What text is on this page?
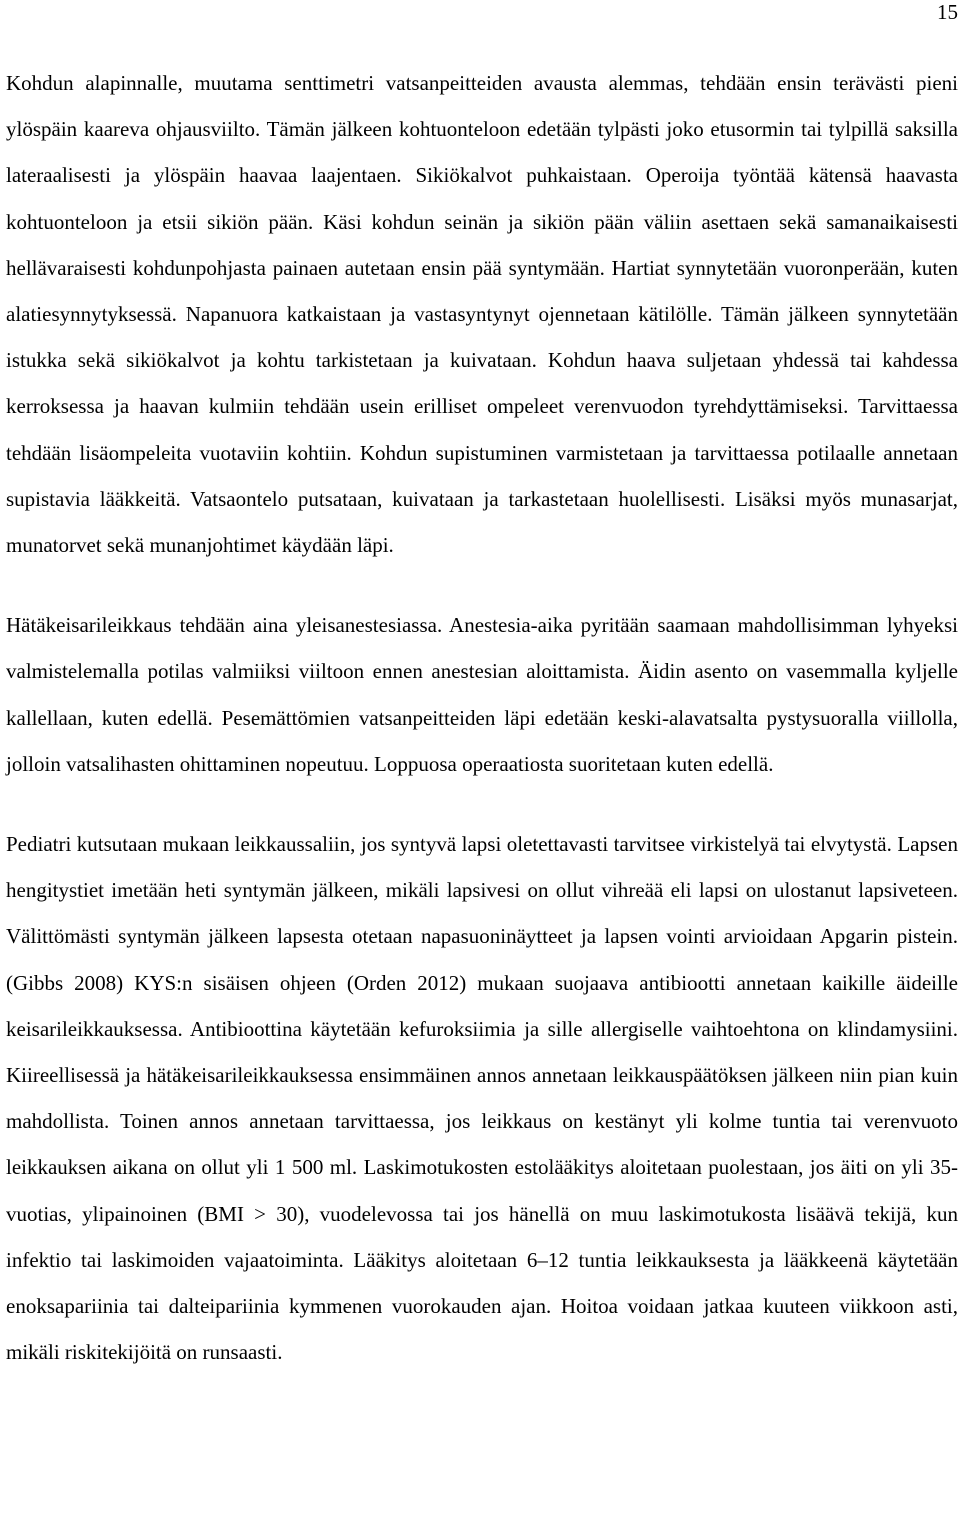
15

Kohdun alapinnalle, muutama senttimetri vatsanpeitteiden avausta alemmas, tehdään ensin terävästi pieni ylöspäin kaareva ohjausviilto. Tämän jälkeen kohtuonteloon edetään tylpästi joko etusormin tai tylpillä saksilla lateraalisesti ja ylöspäin haavaa laajentaen. Sikiökalvot puhkaistaan. Operoija työntää kätensä haavasta kohtuonteloon ja etsii sikiön pään. Käsi kohdun seinän ja sikiön pään väliin asettaen sekä samanaikaisesti hellävaraisesti kohdunpohjasta painaen autetaan ensin pää syntymään. Hartiat synnytetään vuoronperään, kuten alatiesynnytyksessä. Napanuora katkaistaan ja vastasyntynyt ojennetaan kätilölle. Tämän jälkeen synnytetään istukka sekä sikiökalvot ja kohtu tarkistetaan ja kuivataan. Kohdun haava suljetaan yhdessä tai kahdessa kerroksessa ja haavan kulmiin tehdään usein erilliset ompeleet verenvuodon tyrehdyttämiseksi. Tarvittaessa tehdään lisäompeleita vuotaviin kohtiin. Kohdun supistuminen varmistetaan ja tarvittaessa potilaalle annetaan supistavia lääkkeitä. Vatsaontelo putsataan, kuivataan ja tarkastetaan huolellisesti. Lisäksi myös munasarjat, munatorvet sekä munanjohtimet käydään läpi.

Hätäkeisarileikkaus tehdään aina yleisanestesiassa. Anestesia-aika pyritään saamaan mahdollisimman lyhyeksi valmistelemalla potilas valmiiksi viiltoon ennen anestesian aloittamista. Äidin asento on vasemmalla kyljelle kallellaan, kuten edellä. Pesemättömien vatsanpeitteiden läpi edetään keski-alavatsalta pystysuoralla viillolla, jolloin vatsalihasten ohittaminen nopeutuu. Loppuosa operaatiosta suoritetaan kuten edellä.

Pediatri kutsutaan mukaan leikkaussaliin, jos syntyvä lapsi oletettavasti tarvitsee virkistelyä tai elvytystä. Lapsen hengitystiet imetään heti syntymän jälkeen, mikäli lapsivesi on ollut vihreää eli lapsi on ulostanut lapsiveteen. Välittömästi syntymän jälkeen lapsesta otetaan napasuoninäytteet ja lapsen vointi arvioidaan Apgarin pistein. (Gibbs 2008) KYS:n sisäisen ohjeen (Orden 2012) mukaan suojaava antibiootti annetaan kaikille äideille keisarileikkauksessa. Antibioottina käytetään kefuroksiimia ja sille allergiselle vaihtoehtona on klindamysiini. Kiireellisessä ja hätäkeisarileikkauksessa ensimmäinen annos annetaan leikkauspäätöksen jälkeen niin pian kuin mahdollista. Toinen annos annetaan tarvittaessa, jos leikkaus on kestänyt yli kolme tuntia tai verenvuoto leikkauksen aikana on ollut yli 1 500 ml. Laskimotukosten estolääkitys aloitetaan puolestaan, jos äiti on yli 35-vuotias, ylipainoinen (BMI > 30), vuodelevossa tai jos hänellä on muu laskimotukosta lisäävä tekijä, kun infektio tai laskimoiden vajaatoiminta. Lääkitys aloitetaan 6–12 tuntia leikkauksesta ja lääkkeenä käytetään enoksapariinia tai dalteipariinia kymmenen vuorokauden ajan. Hoitoa voidaan jatkaa kuuteen viikkoon asti, mikäli riskitekijöitä on runsaasti.
